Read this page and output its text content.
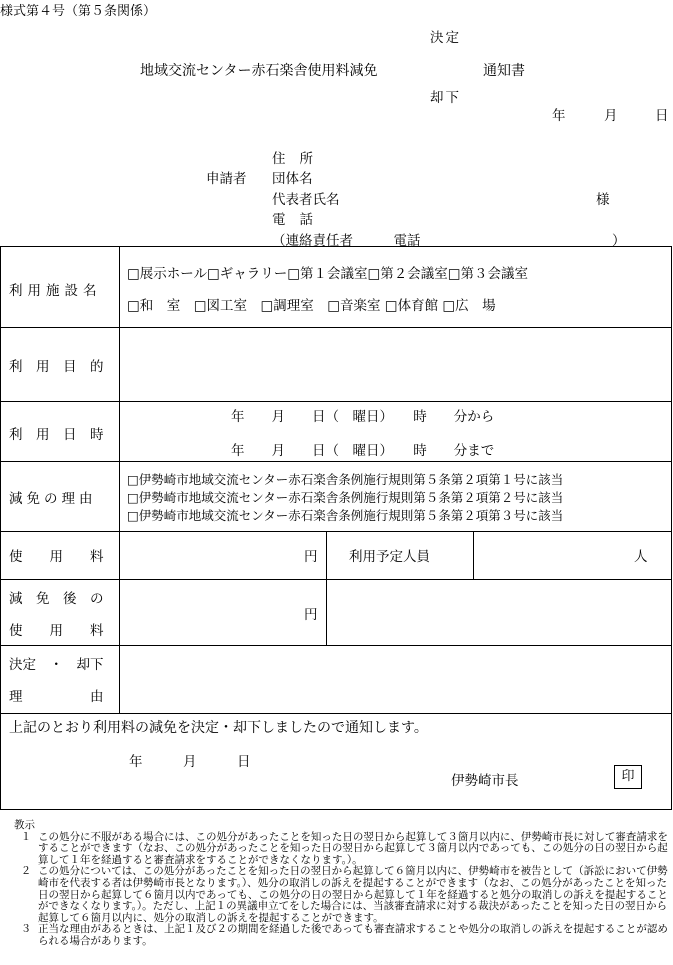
様式第４号（第５条関係）
決定
地域交流センター赤石楽舎使用料減免	通知書
却下
年	月	日
申請者
住所
団体名
代表者氏名	様
電話
（連絡責任者　　　電話	）
利用施設名
□展示ホール□ギャラリー□第１会議室□第２会議室□第３会議室
□和　室　□図工室　□調理室　□音楽室 □体育館 □広　場
利　用　目　的
利　用　日　時
年　　月　　日（　曜日）　　時　　分から
年　　月　　日（　曜日）　　時　　分まで
減免の理由
□伊勢崎市地域交流センター赤石楽舎条例施行規則第５条第２項第１号に該当
□伊勢崎市地域交流センター赤石楽舎条例施行規則第５条第２項第２号に該当
□伊勢崎市地域交流センター赤石楽舎条例施行規則第５条第２項第３号に該当
使　　用　　料	円 利用予定人員	人
減　免　後　の
使　　用　　料
円
決定　・　却下
理　　　　　由
上記のとおり利用料の減免を決定・却下しましたので通知します。
年　　　月　　　日
伊勢崎市長	印
教示
１ この処分に不服がある場合には、この処分があったことを知った日の翌日から起算して３箇月以内に、伊勢崎市長に対して審査請求をすることができます（なお、この処分があったことを知った日の翌日から起算して３箇月以内であっても、この処分の日の翌日から起算して１年を経過すると審査請求をすることができなくなります。）。
２ この処分については、この処分があったことを知った日の翌日から起算して６箇月以内に、伊勢崎市を被告として（訴訟において伊勢崎市を代表する者は伊勢崎市長となります。）、処分の取消しの訴えを提起することができます（なお、この処分があったことを知った日の翌日から起算して６箇月以内であっても、この処分の日の翌日から起算して１年を経過すると処分の取消しの訴えを提起することができなくなります。）。ただし、上記１の異議申立てをした場合には、当該審査請求に対する裁決があったことを知った日の翌日から起算して６箇月以内に、処分の取消しの訴えを提起することができます。
３ 正当な理由があるときは、上記１及び２の期間を経過した後であっても審査請求することや処分の取消しの訴えを提起することが認められる場合があります。
